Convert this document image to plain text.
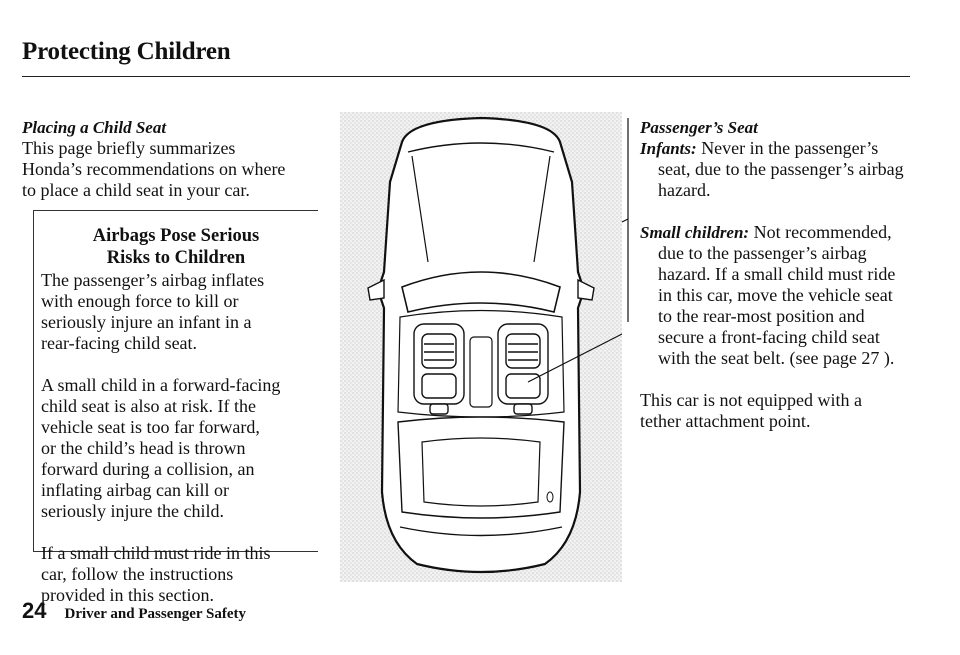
Protecting Children
Placing a Child Seat
This page briefly summarizes
Honda’s recommendations on where
to place a child seat in your car.
Airbags Pose Serious
Risks to Children

The passenger’s airbag inflates
with enough force to kill or
seriously injure an infant in a
rear-facing child seat.

A small child in a forward-facing
child seat is also at risk. If the
vehicle seat is too far forward,
or the child’s head is thrown
forward during a collision, an
inflating airbag can kill or
seriously injure the child.

If a small child must ride in this
car, follow the instructions
provided in this section.

Passenger’s Seat
Infants: Never in the passenger’s
seat, due to the passenger’s airbag
hazard.
Small children: Not recommended,
due to the passenger’s airbag
hazard. If a small child must ride
in this car, move the vehicle seat
to the rear-most position and
secure a front-facing child seat
with the seat belt. (see page 27 ).
This car is not equipped with a
tether attachment point.
24 Driver and Passenger Safety
